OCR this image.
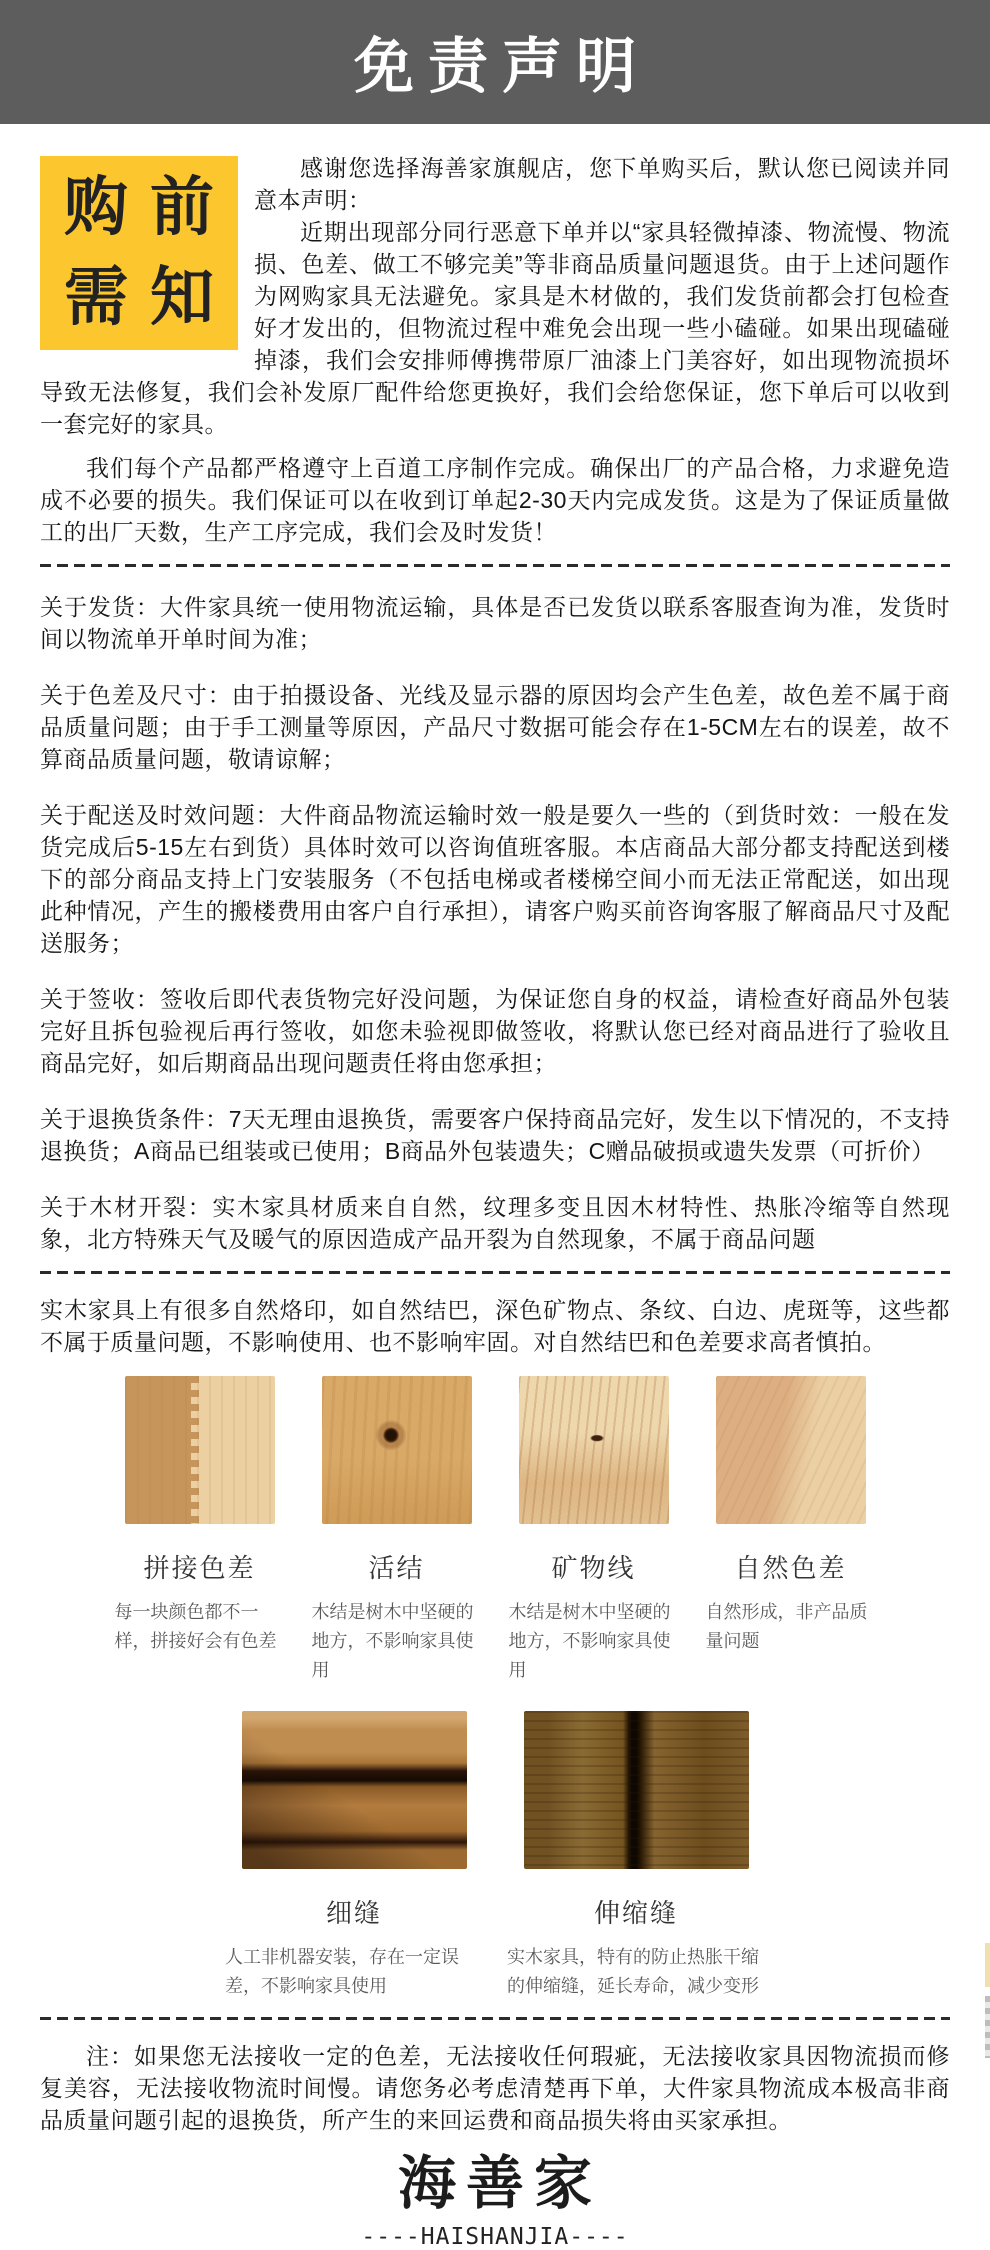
免责声明
购前
需知

感谢您选择海善家旗舰店，您下单购买后，默认您已阅读并同意本声明：

近期出现部分同行恶意下单并以“家具轻微掉漆、物流慢、物流损、色差、做工不够完美”等非商品质量问题退货。由于上述问题作为网购家具无法避免。家具是木材做的，我们发货前都会打包检查好才发出的，但物流过程中难免会出现一些小磕碰。如果出现磕碰掉漆，我们会安排师傅携带原厂油漆上门美容好，如出现物流损坏导致无法修复，我们会补发原厂配件给您更换好，我们会给您保证，您下单后可以收到一套完好的家具。

我们每个产品都严格遵守上百道工序制作完成。确保出厂的产品合格，力求避免造成不必要的损失。我们保证可以在收到订单起2-30天内完成发货。这是为了保证质量做工的出厂天数，生产工序完成，我们会及时发货！

关于发货：大件家具统一使用物流运输，具体是否已发货以联系客服查询为准，发货时间以物流单开单时间为准；

关于色差及尺寸：由于拍摄设备、光线及显示器的原因均会产生色差，故色差不属于商品质量问题；由于手工测量等原因，产品尺寸数据可能会存在1-5CM左右的误差，故不算商品质量问题，敬请谅解；

关于配送及时效问题：大件商品物流运输时效一般是要久一些的（到货时效：一般在发货完成后5-15左右到货）具体时效可以咨询值班客服。本店商品大部分都支持配送到楼下的部分商品支持上门安装服务（不包括电梯或者楼梯空间小而无法正常配送，如出现此种情况，产生的搬楼费用由客户自行承担），请客户购买前咨询客服了解商品尺寸及配送服务；

关于签收：签收后即代表货物完好没问题，为保证您自身的权益，请检查好商品外包装完好且拆包验视后再行签收，如您未验视即做签收，将默认您已经对商品进行了验收且商品完好，如后期商品出现问题责任将由您承担；

关于退换货条件：7天无理由退换货，需要客户保持商品完好，发生以下情况的，不支持退换货；A商品已组装或已使用；B商品外包装遗失；C赠品破损或遗失发票（可折价）

关于木材开裂：实木家具材质来自自然，纹理多变且因木材特性、热胀冷缩等自然现象，北方特殊天气及暖气的原因造成产品开裂为自然现象，不属于商品问题

实木家具上有很多自然烙印，如自然结巴，深色矿物点、条纹、白边、虎斑等，这些都不属于质量问题，不影响使用、也不影响牢固。对自然结巴和色差要求高者慎拍。

拼接色差
每一块颜色都不一样，拼接好会有色差
活结
木结是树木中坚硬的地方，不影响家具使用
矿物线
木结是树木中坚硬的地方，不影响家具使用
自然色差
自然形成，非产品质量问题
细缝
人工非机器安装，存在一定误差，不影响家具使用
伸缩缝
实木家具，特有的防止热胀干缩的伸缩缝，延长寿命，减少变形

注：如果您无法接收一定的色差，无法接收任何瑕疵，无法接收家具因物流损而修复美容，无法接收物流时间慢。请您务必考虑清楚再下单，大件家具物流成本极高非商品质量问题引起的退换货，所产生的来回运费和商品损失将由买家承担。

海善家
----HAISHANJIA----
